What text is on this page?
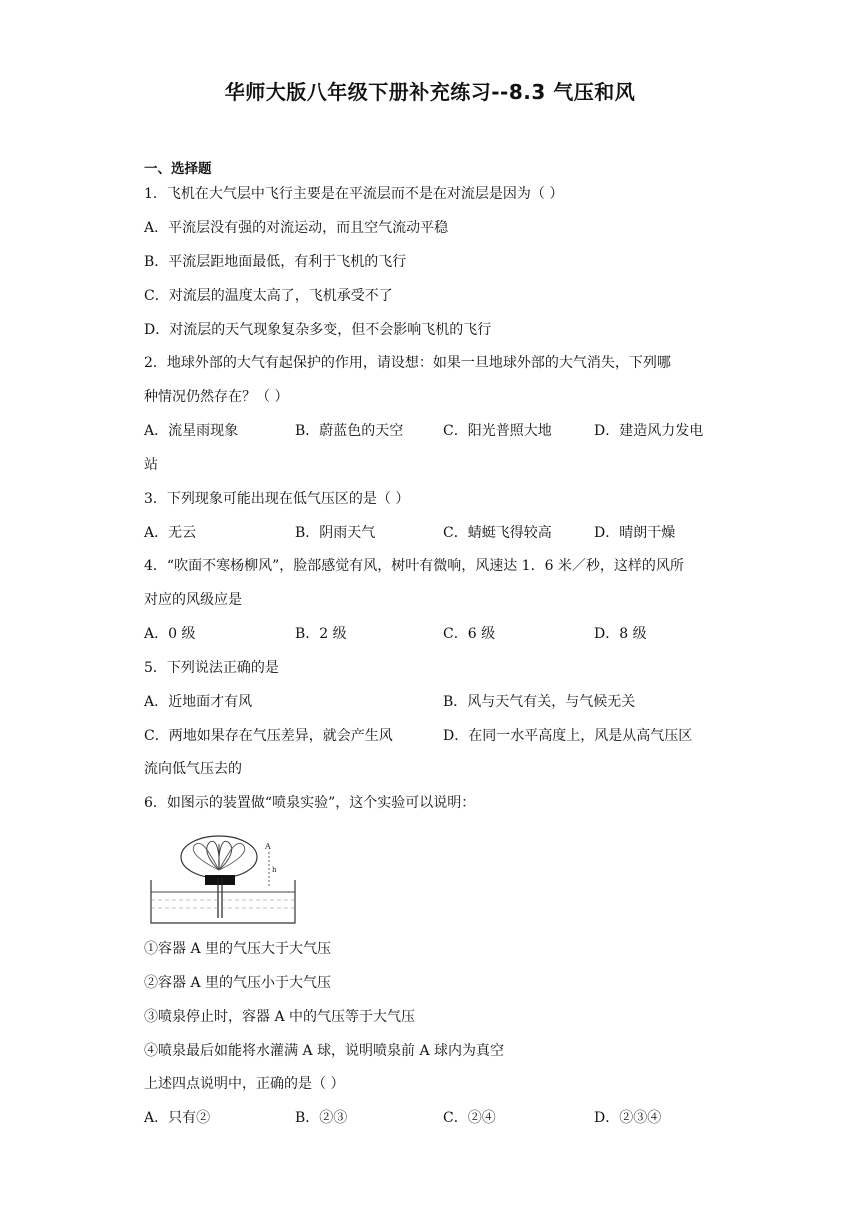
华师大版八年级下册补充练习--8.3 气压和风
一、选择题
1．飞机在大气层中飞行主要是在平流层而不是在对流层是因为（ ）
A．平流层没有强的对流运动，而且空气流动平稳
B．平流层距地面最低，有利于飞机的飞行
C．对流层的温度太高了，飞机承受不了
D．对流层的天气现象复杂多变，但不会影响飞机的飞行
2．地球外部的大气有起保护的作用，请设想：如果一旦地球外部的大气消失，下列哪
种情况仍然存在？（ ）
A．流星雨现象	B．蔚蓝色的天空	C．阳光普照大地	D．建造风力发电
站
3．下列现象可能出现在低气压区的是（ ）
A．无云	B．阴雨天气	C．蜻蜓飞得较高	D．晴朗干燥
4．“吹面不寒杨柳风”，脸部感觉有风，树叶有微响，风速达 1．6 米／秒，这样的风所
对应的风级应是
A．0 级	B．2 级	C．6 级	D．8 级
5．下列说法正确的是
A．近地面才有风	B．风与天气有关，与气候无关
C．两地如果存在气压差异，就会产生风	D．在同一水平高度上，风是从高气压区
流向低气压去的
6．如图示的装置做“喷泉实验”，这个实验可以说明：
A
h
①容器 A 里的气压大于大气压
②容器 A 里的气压小于大气压
③喷泉停止时，容器 A 中的气压等于大气压
④喷泉最后如能将水灌满 A 球，说明喷泉前 A 球内为真空
上述四点说明中，正确的是（ ）
A．只有②	B．②③	C．②④	D．②③④
